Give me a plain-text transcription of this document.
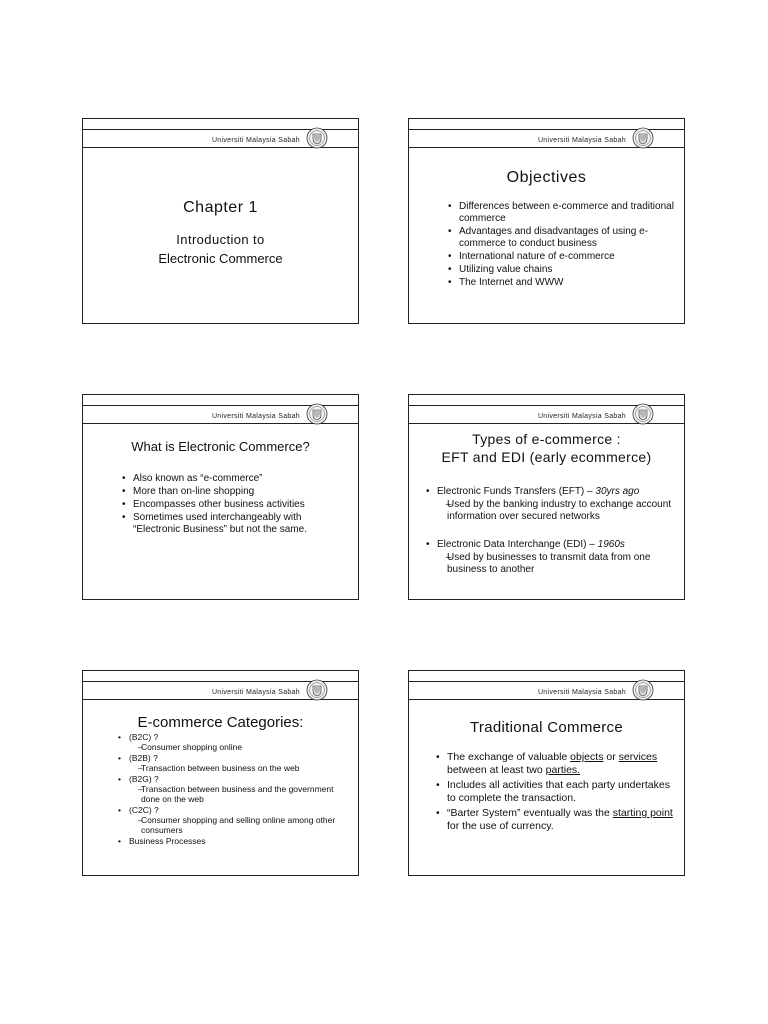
Universiti Malaysia Sabah
Chapter 1
Introduction to
Electronic Commerce
Universiti Malaysia Sabah
Objectives
• Differences between e-commerce and traditional commerce
• Advantages and disadvantages of using e-commerce to conduct business
• International nature of e-commerce
• Utilizing value chains
• The Internet and WWW
Universiti Malaysia Sabah
What is Electronic Commerce?
• Also known as “e-commerce”
• More than on-line shopping
• Encompasses other business activities
• Sometimes used interchangeably with “Electronic Business” but not the same.
Universiti Malaysia Sabah
Types of e-commerce :
EFT and EDI (early ecommerce)
• Electronic Funds Transfers (EFT) – 30yrs ago
– Used by the banking industry to exchange account information over secured networks
• Electronic Data Interchange (EDI) – 1960s
– Used by businesses to transmit data from one business to another
Universiti Malaysia Sabah
E-commerce Categories:
• (B2C) ?
– Consumer shopping online
• (B2B) ?
– Transaction between business on the web
• (B2G) ?
– Transaction between business and the government done on the web
• (C2C) ?
– Consumer shopping and selling online among other consumers
• Business Processes
Universiti Malaysia Sabah
Traditional Commerce
• The exchange of valuable objects or services between at least two parties.
• Includes all activities that each party undertakes to complete the transaction.
• “Barter System” eventually was the starting point for the use of currency.
